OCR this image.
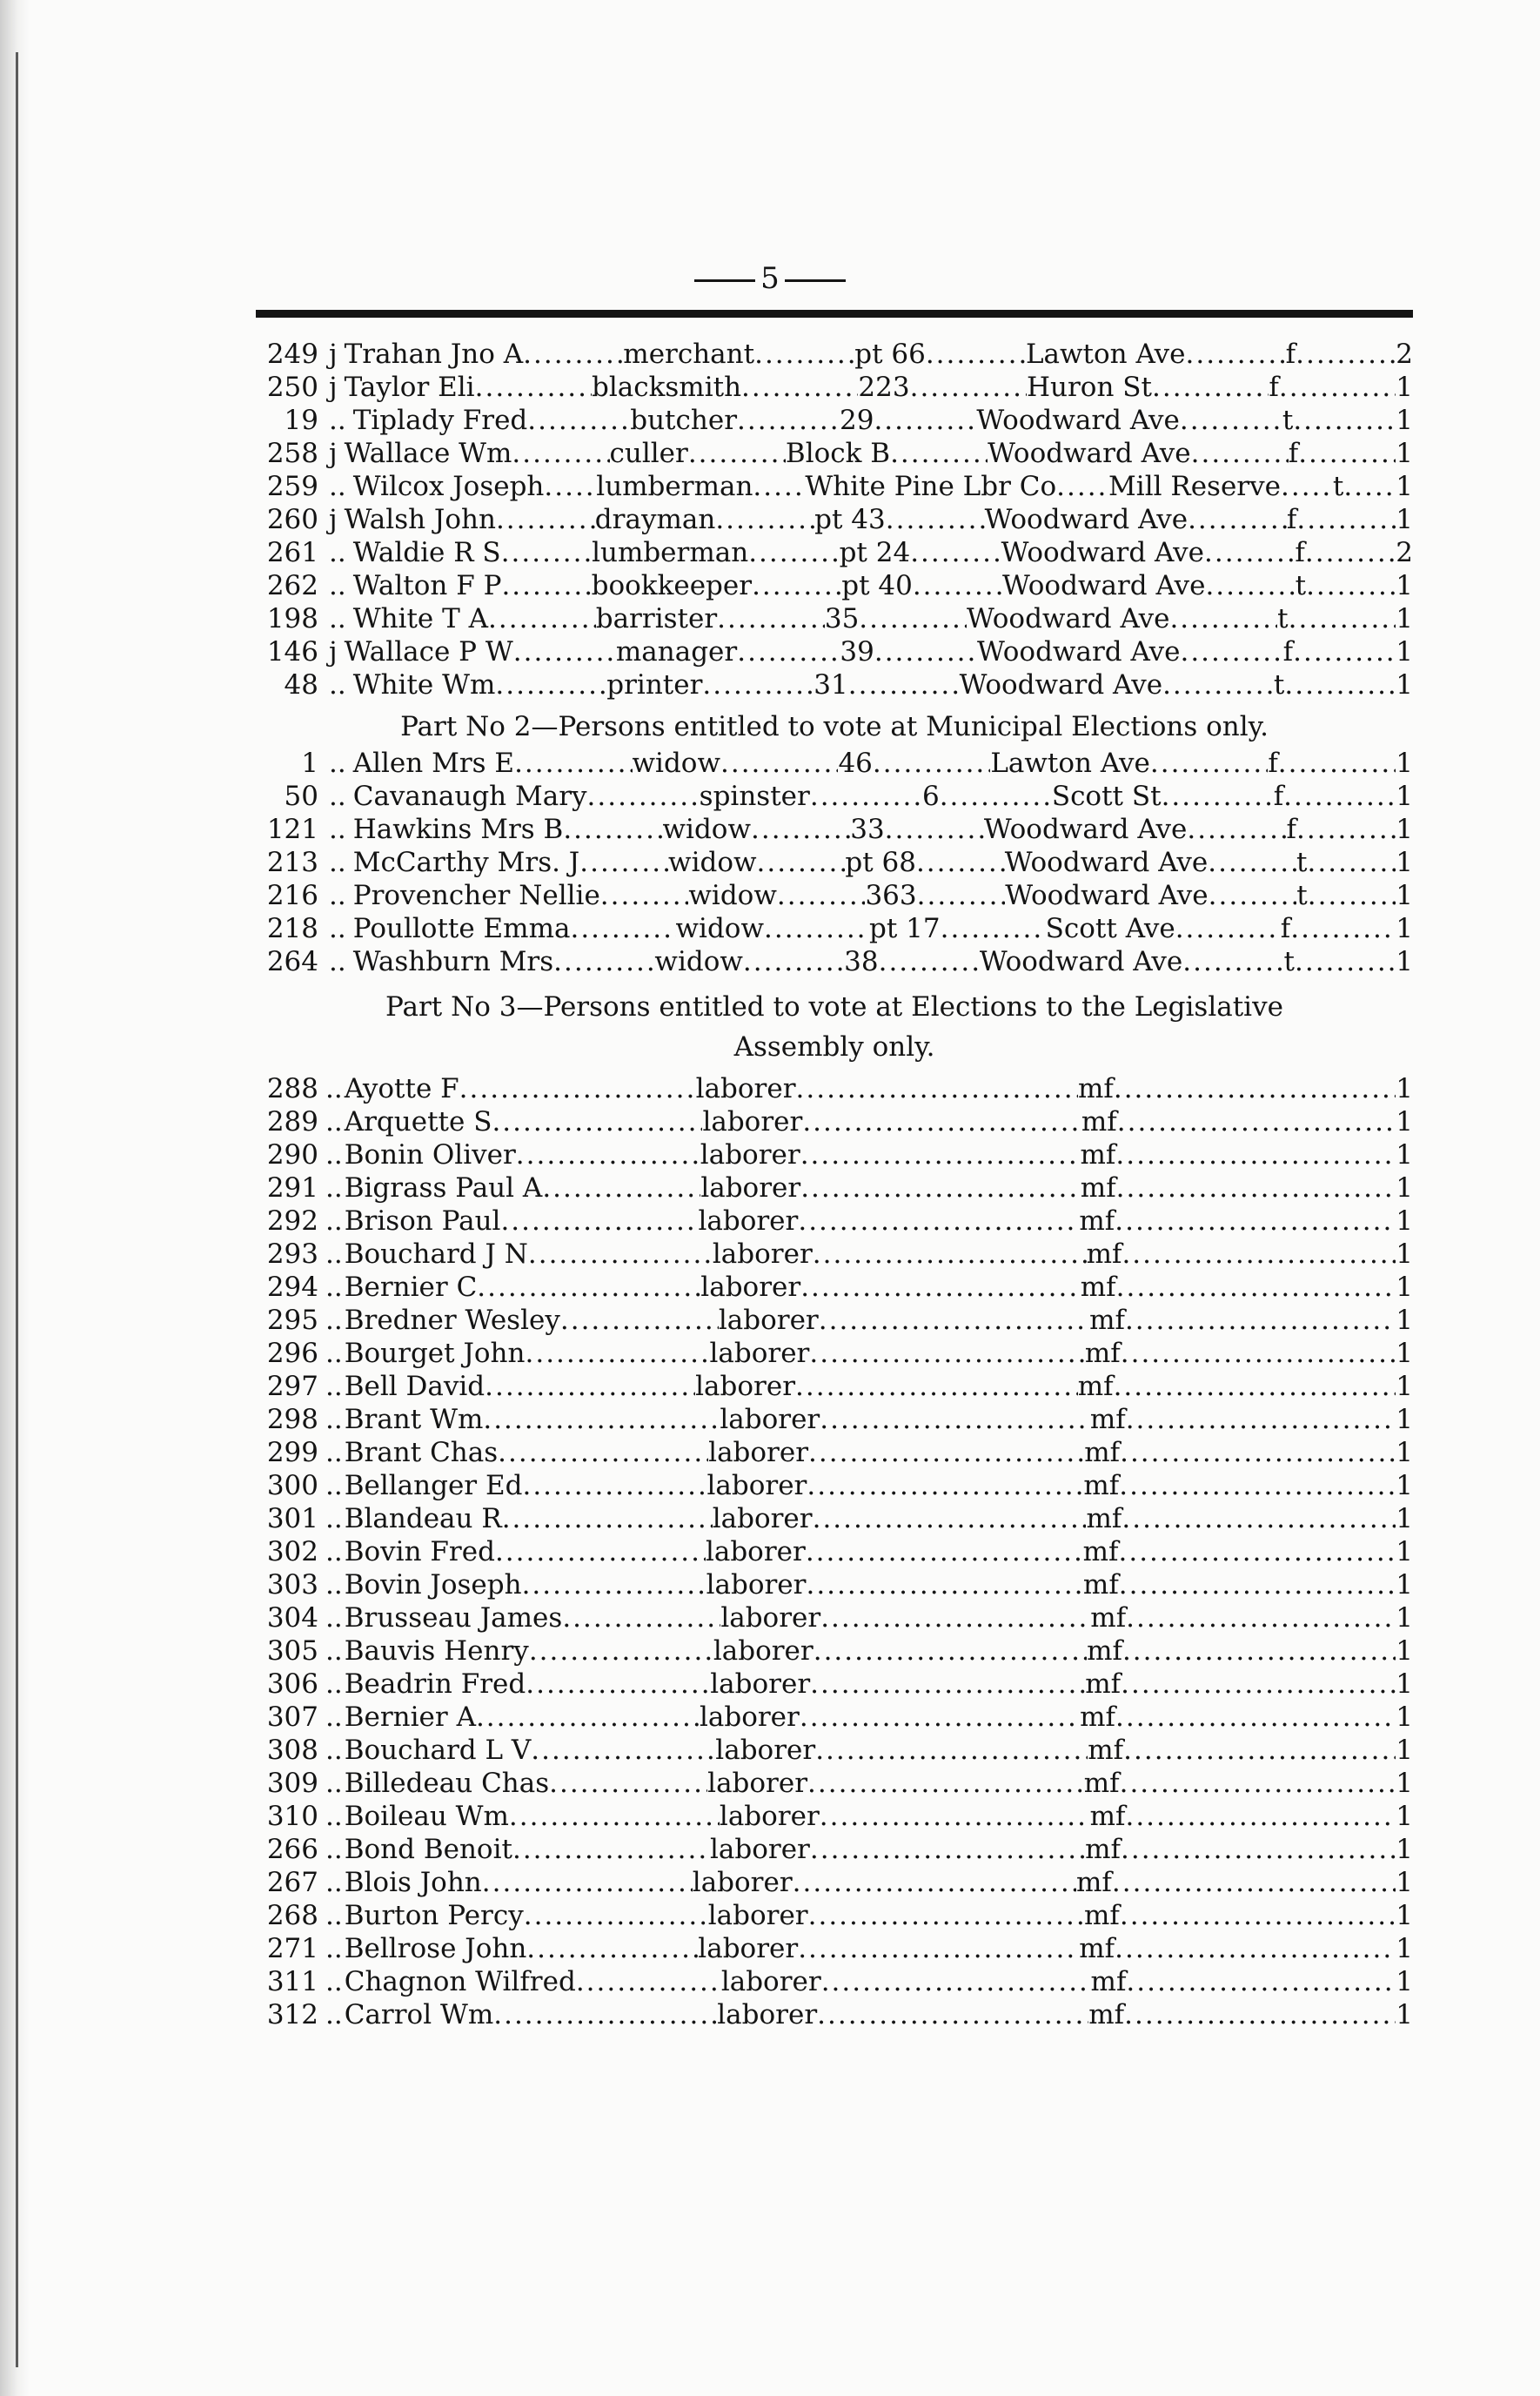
5
249 j Trahan Jno A .....	merchant .....	pt 66 .....	Lawton Ave .....	f .....	2
250 j Taylor Eli .....	blacksmith .....	223 .....	Huron St .....	f .....	1
19 .. Tiplady Fred .....	butcher .....	29 .....	Woodward Ave .....	t .....	1
258 j Wallace Wm .....	culler .....	Block B .....	Woodward Ave .....	f .....	1
259 .. Wilcox Joseph ..... lumberman ..... White Pine Lbr Co ..... Mill Reserve ..... t ..... 1
260 j Walsh John .....	drayman .....	pt 43 .....	Woodward Ave .....	f .....	1
261 .. Waldie R S .....	lumberman .....	pt 24 .....	Woodward Ave .....	f .....	2
262 .. Walton F P .....	bookkeeper .....	pt 40 .....	Woodward Ave .....	t .....	1
198 .. White T A .....	barrister .....	35 .....	Woodward Ave .....	t .....	1
146 j Wallace P W .....	manager .....	39 .....	Woodward Ave .....	f .....	1
48 .. White Wm .....	printer .....	31 .....	Woodward Ave .....	t .....	1
Part No 2—Persons entitled to vote at Municipal Elections only.
1 .. Allen Mrs E .....	widow .....	46 .....	Lawton Ave .....	f .....	1
50 .. Cavanaugh Mary .....	spinster .....	6 .....	Scott St .....	f .....	1
121 .. Hawkins Mrs B .....	widow .....	33 .....	Woodward Ave .....	f .....	1
213 .. McCarthy Mrs. J .....	widow .....	pt 68 .....	Woodward Ave .....	t .....	1
216 .. Provencher Nellie .....	widow .....	363 .....	Woodward Ave .....	t .....	1
218 .. Poullotte Emma .....	widow .....	pt 17 .....	Scott Ave .....	f .....	1
264 .. Washburn Mrs .....	widow .....	38 .....	Woodward Ave .....	t .....	1
Part No 3—Persons entitled to vote at Elections to the Legislative
Assembly only.
288 .. Ayotte F .....	laborer .....	mf .....	1
289 .. Arquette S .....	laborer .....	mf .....	1
290 .. Bonin Oliver .....	laborer .....	mf .....	1
291 .. Bigrass Paul A .....	laborer .....	mf .....	1
292 .. Brison Paul .....	laborer .....	mf .....	1
293 .. Bouchard J N .....	laborer .....	mf .....	1
294 .. Bernier C .....	laborer .....	mf .....	1
295 .. Bredner Wesley .....	laborer .....	mf .....	1
296 .. Bourget John .....	laborer .....	mf .....	1
297 .. Bell David .....	laborer .....	mf .....	1
298 .. Brant Wm .....	laborer .....	mf .....	1
299 .. Brant Chas .....	laborer .....	mf .....	1
300 .. Bellanger Ed .....	laborer .....	mf .....	1
301 .. Blandeau R .....	laborer .....	mf .....	1
302 .. Bovin Fred .....	laborer .....	mf .....	1
303 .. Bovin Joseph .....	laborer .....	mf .....	1
304 .. Brusseau James .....	laborer .....	mf .....	1
305 .. Bauvis Henry .....	laborer .....	mf .....	1
306 .. Beadrin Fred .....	laborer .....	mf .....	1
307 .. Bernier A .....	laborer .....	mf .....	1
308 .. Bouchard L V .....	laborer .....	mf .....	1
309 .. Billedeau Chas .....	laborer .....	mf .....	1
310 .. Boileau Wm .....	laborer .....	mf .....	1
266 .. Bond Benoit .....	laborer .....	mf .....	1
267 .. Blois John .....	laborer .....	mf .....	1
268 .. Burton Percy .....	laborer .....	mf .....	1
271 .. Bellrose John .....	laborer .....	mf .....	1
311 .. Chagnon Wilfred .....	laborer .....	mf .....	1
312 .. Carrol Wm .....	laborer .....	mf .....	1
